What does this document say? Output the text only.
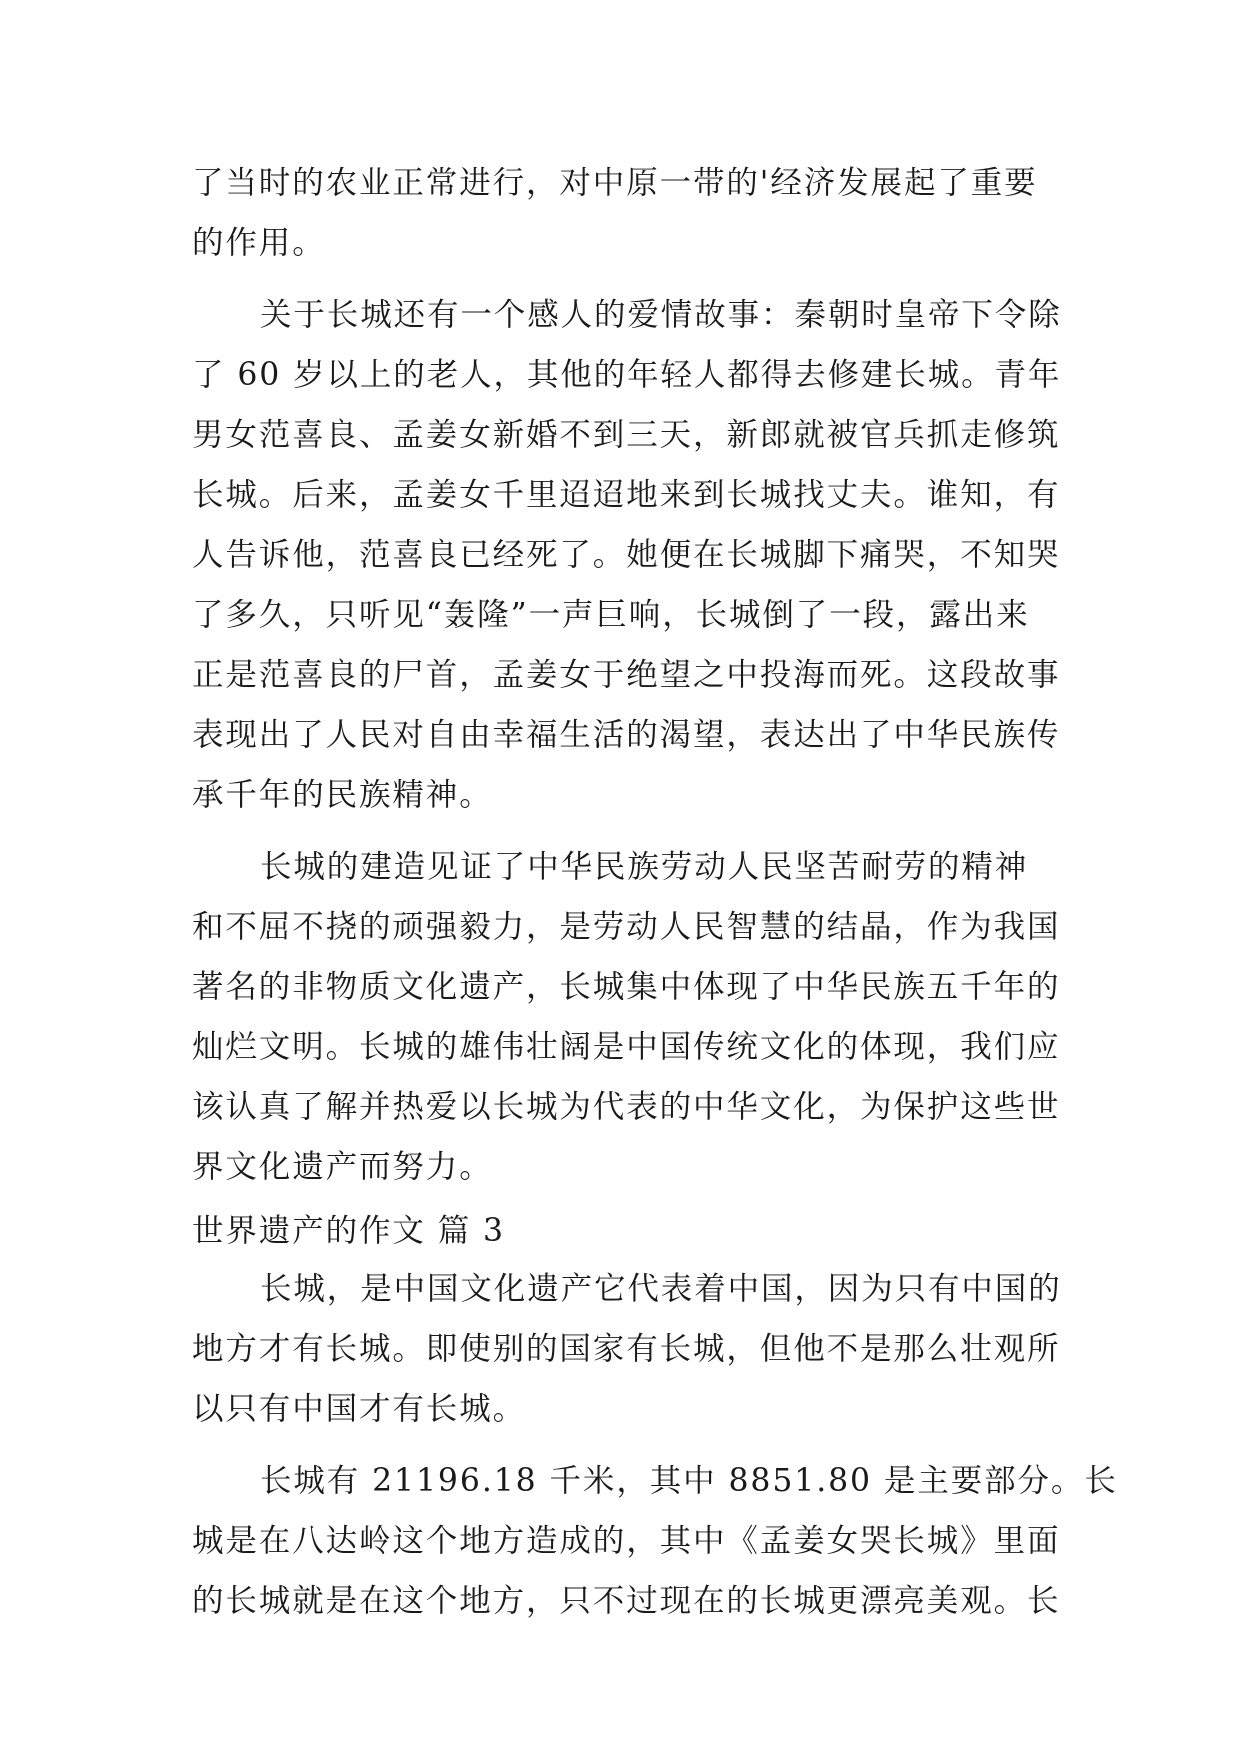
了当时的农业正常进行，对中原一带的'经济发展起了重要
的作用。
关于长城还有一个感人的爱情故事：秦朝时皇帝下令除
了 60 岁以上的老人，其他的年轻人都得去修建长城。青年
男女范喜良、孟姜女新婚不到三天，新郎就被官兵抓走修筑
长城。后来，孟姜女千里迢迢地来到长城找丈夫。谁知，有
人告诉他，范喜良已经死了。她便在长城脚下痛哭，不知哭
了多久，只听见“轰隆”一声巨响，长城倒了一段，露出来
正是范喜良的尸首，孟姜女于绝望之中投海而死。这段故事
表现出了人民对自由幸福生活的渴望，表达出了中华民族传
承千年的民族精神。
长城的建造见证了中华民族劳动人民坚苦耐劳的精神
和不屈不挠的顽强毅力，是劳动人民智慧的结晶，作为我国
著名的非物质文化遗产，长城集中体现了中华民族五千年的
灿烂文明。长城的雄伟壮阔是中国传统文化的体现，我们应
该认真了解并热爱以长城为代表的中华文化，为保护这些世
界文化遗产而努力。
世界遗产的作文 篇 3
长城，是中国文化遗产它代表着中国，因为只有中国的
地方才有长城。即使别的国家有长城，但他不是那么壮观所
以只有中国才有长城。
长城有 21196.18 千米，其中 8851.80 是主要部分。长
城是在八达岭这个地方造成的，其中《孟姜女哭长城》里面
的长城就是在这个地方，只不过现在的长城更漂亮美观。长
